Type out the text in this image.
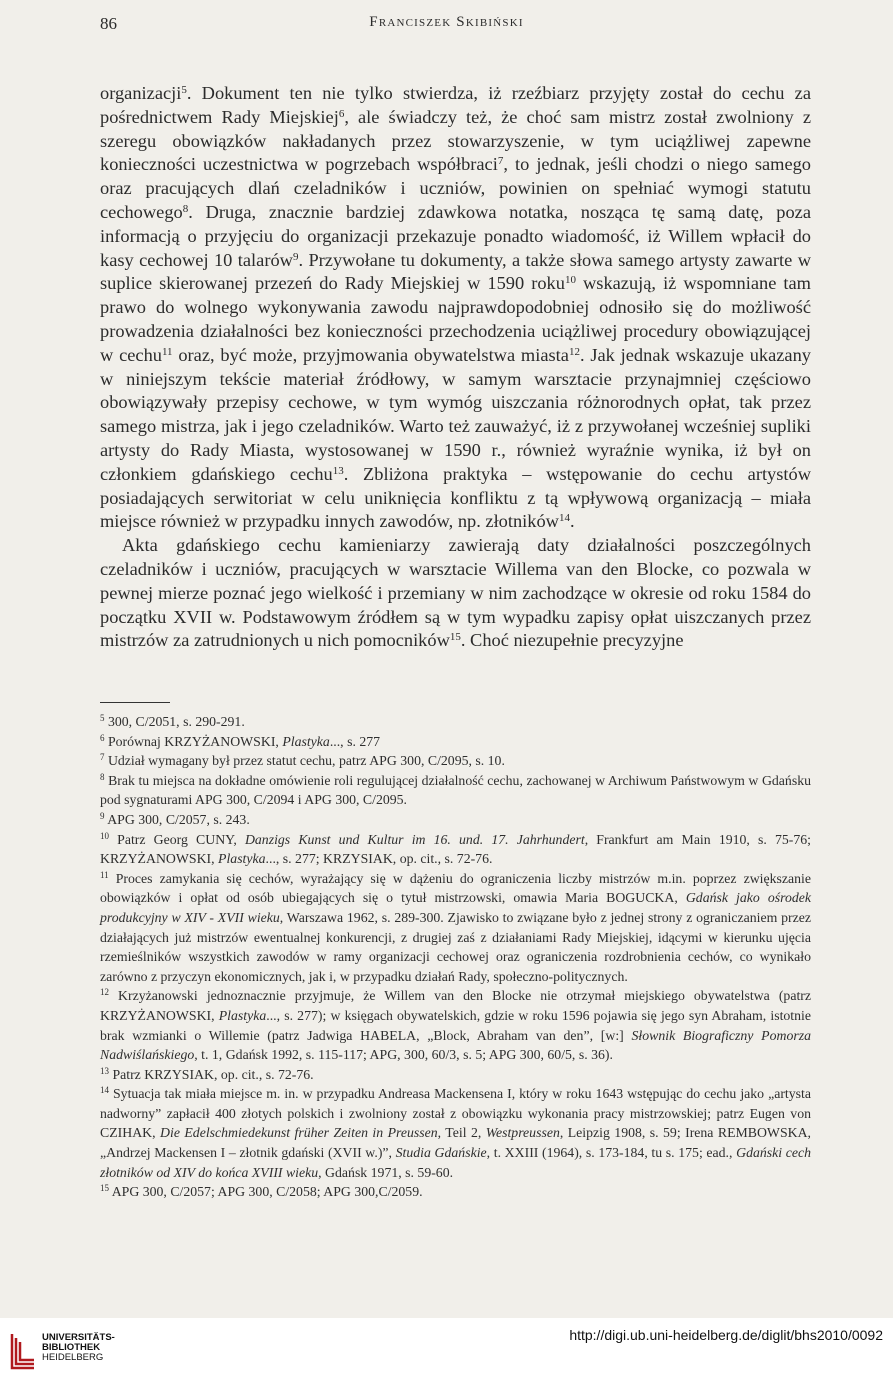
86	Franciszek Skibiński

organizacji$^5$. Dokument ten nie tylko stwierdza, iż rzeźbiarz przyjęty został do cechu za pośrednictwem Rady Miejskiej$^6$, ale świadczy też, że choć sam mistrz został zwolniony z szeregu obowiązków nakładanych przez stowarzyszenie, w tym uciążliwej zapewne konieczności uczestnictwa w pogrzebach współbraci$^7$, to jednak, jeśli chodzi o niego samego oraz pracujących dlań czeladników i uczniów, powinien on spełniać wymogi statutu cechowego$^8$. Druga, znacznie bardziej zdawkowa notatka, nosząca tę samą datę, poza informacją o przyjęciu do organizacji przekazuje ponadto wiadomość, iż Willem wpłacił do kasy cechowej 10 talarów$^9$. Przywołane tu dokumenty, a także słowa samego artysty zawarte w suplice skierowanej przezeń do Rady Miejskiej w 1590 roku$^{10}$ wskazują, iż wspomniane tam prawo do wolnego wykonywania zawodu najprawdopodobniej odnosiło się do możliwość prowadzenia działalności bez konieczności przechodzenia uciążliwej procedury obowiązującej w cechu$^{11}$ oraz, być może, przyjmowania obywatelstwa miasta$^{12}$. Jak jednak wskazuje ukazany w niniejszym tekście materiał źródłowy, w samym warsztacie przynajmniej częściowo obowiązywały przepisy cechowe, w tym wymóg uiszczania różnorodnych opłat, tak przez samego mistrza, jak i jego czeladników. Warto też zauważyć, iż z przywołanej wcześniej supliki artysty do Rady Miasta, wystosowanej w 1590 r., również wyraźnie wynika, iż był on członkiem gdańskiego cechu$^{13}$. Zbliżona praktyka – wstępowanie do cechu artystów posiadających serwitoriat w celu uniknięcia konfliktu z tą wpływową organizacją – miała miejsce również w przypadku innych zawodów, np. złotników$^{14}$.

Akta gdańskiego cechu kamieniarzy zawierają daty działalności poszczególnych czeladników i uczniów, pracujących w warsztacie Willema van den Blocke, co pozwala w pewnej mierze poznać jego wielkość i przemiany w nim zachodzące w okresie od roku 1584 do początku XVII w. Podstawowym źródłem są w tym wypadku zapisy opłat uiszczanych przez mistrzów za zatrudnionych u nich pomocników$^{15}$. Choć niezupełnie precyzyjne

$^5$ 300, C/2051, s. 290-291.
$^6$ Porównaj KRZYŻANOWSKI, Plastyka..., s. 277
$^7$ Udział wymagany był przez statut cechu, patrz APG 300, C/2095, s. 10.
$^8$ Brak tu miejsca na dokładne omówienie roli regulującej działalność cechu, zachowanej w Archiwum Państwowym w Gdańsku pod sygnaturami APG 300, C/2094 i APG 300, C/2095.
$^9$ APG 300, C/2057, s. 243.
$^{10}$ Patrz Georg CUNY, Danzigs Kunst und Kultur im 16. und. 17. Jahrhundert, Frankfurt am Main 1910, s. 75-76; KRZYŻANOWSKI, Plastyka..., s. 277; KRZYSIAK, op. cit., s. 72-76.
$^{11}$ Proces zamykania się cechów, wyrażający się w dążeniu do ograniczenia liczby mistrzów m.in. poprzez zwiększanie obowiązków i opłat od osób ubiegających się o tytuł mistrzowski, omawia Maria BOGUCKA, Gdańsk jako ośrodek produkcyjny w XIV - XVII wieku, Warszawa 1962, s. 289-300. Zjawisko to związane było z jednej strony z ograniczaniem przez działających już mistrzów ewentualnej konkurencji, z drugiej zaś z działaniami Rady Miejskiej, idącymi w kierunku ujęcia rzemieślników wszystkich zawodów w ramy organizacji cechowej oraz ograniczenia rozdrobnienia cechów, co wynikało zarówno z przyczyn ekonomicznych, jak i, w przypadku działań Rady, społeczno-politycznych.
$^{12}$ Krzyżanowski jednoznacznie przyjmuje, że Willem van den Blocke nie otrzymał miejskiego obywatelstwa (patrz KRZYŻANOWSKI, Plastyka..., s. 277); w księgach obywatelskich, gdzie w roku 1596 pojawia się jego syn Abraham, istotnie brak wzmianki o Willemie (patrz Jadwiga HABELA, „Block, Abraham van den”, [w:] Słownik Biograficzny Pomorza Nadwiślańskiego, t. 1, Gdańsk 1992, s. 115-117; APG, 300, 60/3, s. 5; APG 300, 60/5, s. 36).
$^{13}$ Patrz KRZYSIAK, op. cit., s. 72-76.
$^{14}$ Sytuacja tak miała miejsce m. in. w przypadku Andreasa Mackensena I, który w roku 1643 wstępując do cechu jako „artysta nadworny” zapłacił 400 złotych polskich i zwolniony został z obowiązku wykonania pracy mistrzowskiej; patrz Eugen von CZIHAK, Die Edelschmiedekunst früher Zeiten in Preussen, Teil 2, Westpreussen, Leipzig 1908, s. 59; Irena REMBOWSKA, „Andrzej Mackensen I – złotnik gdański (XVII w.)”, Studia Gdańskie, t. XXIII (1964), s. 173-184, tu s. 175; ead., Gdański cech złotników od XIV do końca XVIII wieku, Gdańsk 1971, s. 59-60.
$^{15}$ APG 300, C/2057; APG 300, C/2058; APG 300,C/2059.
UNIVERSITÄTS-
BIBLIOTHEK
HEIDELBERG
http://digi.ub.uni-heidelberg.de/diglit/bhs2010/0092
